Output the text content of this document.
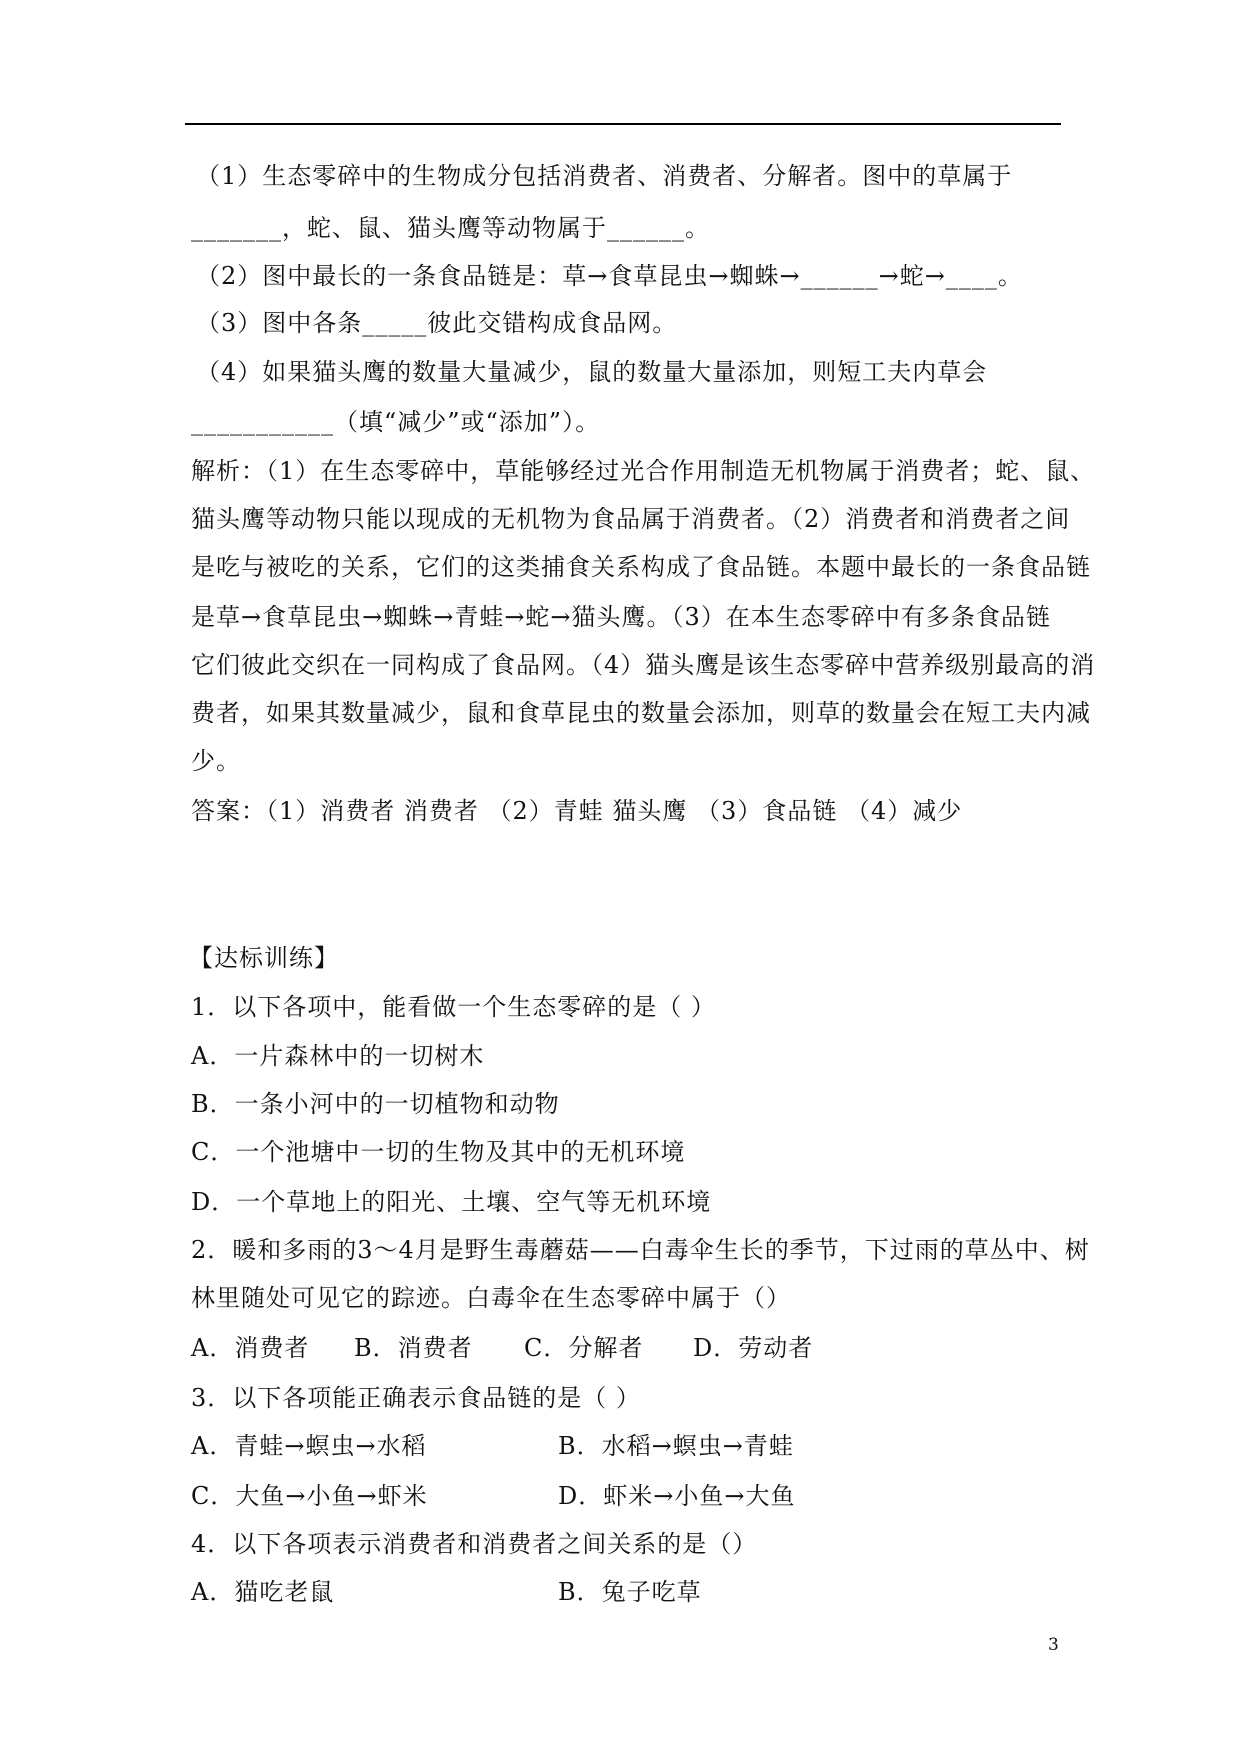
（1）生态零碎中的生物成分包括消费者、消费者、分解者。图中的草属于
_______，蛇、鼠、猫头鹰等动物属于______。
（2）图中最长的一条食品链是：草→食草昆虫→蜘蛛→______→蛇→____。
（3）图中各条_____彼此交错构成食品网。
（4）如果猫头鹰的数量大量减少，鼠的数量大量添加，则短工夫内草会
___________（填“减少”或“添加”）。
解析：（1）在生态零碎中，草能够经过光合作用制造无机物属于消费者；蛇、鼠、
猫头鹰等动物只能以现成的无机物为食品属于消费者。（2）消费者和消费者之间
是吃与被吃的关系，它们的这类捕食关系构成了食品链。本题中最长的一条食品链
是草→食草昆虫→蜘蛛→青蛙→蛇→猫头鹰。（3）在本生态零碎中有多条食品链
它们彼此交织在一同构成了食品网。（4）猫头鹰是该生态零碎中营养级别最高的消
费者，如果其数量减少，鼠和食草昆虫的数量会添加，则草的数量会在短工夫内减
少。
答案：（1）消费者 消费者 （2）青蛙 猫头鹰 （3）食品链 （4）减少
【达标训练】
1．以下各项中，能看做一个生态零碎的是（ ）
A．一片森林中的一切树木
B．一条小河中的一切植物和动物
C．一个池塘中一切的生物及其中的无机环境
D．一个草地上的阳光、土壤、空气等无机环境
2．暖和多雨的3～4月是野生毒蘑菇——白毒伞生长的季节，下过雨的草丛中、树
林里随处可见它的踪迹。白毒伞在生态零碎中属于（）
A．消费者 B．消费者 C．分解者 D．劳动者
3．以下各项能正确表示食品链的是（ ）
A．青蛙→螟虫→水稻	B．水稻→螟虫→青蛙
C．大鱼→小鱼→虾米	D．虾米→小鱼→大鱼
4．以下各项表示消费者和消费者之间关系的是（）
A．猫吃老鼠	B．兔子吃草
3
